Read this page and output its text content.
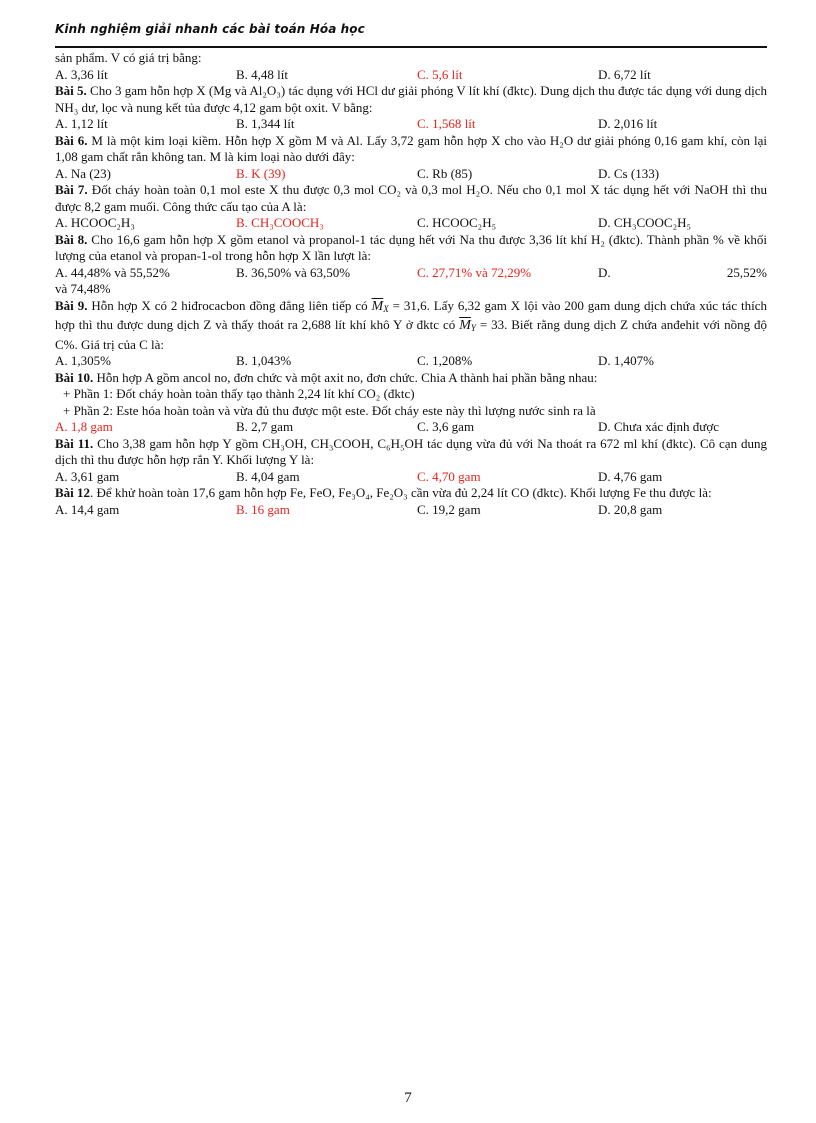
Kinh nghiệm giải nhanh các bài toán Hóa học

sản phẩm. V có giá trị bằng:

A. 3,36 lít	B. 4,48 lít	C. 5,6 lít	D. 6,72 lít

Bài 5. Cho 3 gam hỗn hợp X (Mg và Al₂O₃) tác dụng với HCl dư giải phóng V lít khí (đktc). Dung dịch thu được tác dụng với dung dịch NH₃ dư, lọc và nung kết tủa được 4,12 gam bột oxit. V bằng:

A. 1,12 lít	B. 1,344 lít	C. 1,568 lít	D. 2,016 lít

Bài 6. M là một kim loại kiềm. Hỗn hợp X gồm M và Al. Lấy 3,72 gam hỗn hợp X cho vào H₂O dư giải phóng 0,16 gam khí, còn lại 1,08 gam chất rắn không tan. M là kim loại nào dưới đây:

A. Na (23)	B. K (39)	C. Rb (85)	D. Cs (133)

Bài 7. Đốt cháy hoàn toàn 0,1 mol este X thu được 0,3 mol CO₂ và 0,3 mol H₂O. Nếu cho 0,1 mol X tác dụng hết với NaOH thì thu được 8,2 gam muối. Công thức cấu tạo của A là:

A. HCOOC₂H₃	B. CH₃COOCH₃	C. HCOOC₂H₅	D. CH₃COOC₂H₅

Bài 8. Cho 16,6 gam hỗn hợp X gồm etanol và propanol-1 tác dụng hết với Na thu được 3,36 lít khí H₂ (đktc). Thành phần % về khối lượng của etanol và propan-1-ol trong hỗn hợp X lần lượt là:

A. 44,48% và 55,52%	B. 36,50% và 63,50%	C. 27,71% và 72,29%	D.	25,52%

và 74,48%

Bài 9. Hỗn hợp X có 2 hiđrocacbon đồng đẳng liên tiếp có $\overline{M}_X = 31,6$. Lấy 6,32 gam X lội vào 200 gam dung dịch chứa xúc tác thích hợp thì thu được dung dịch Z và thấy thoát ra 2,688 lít khí khô Y ở đktc có $\overline{M}_Y = 33$. Biết rằng dung dịch Z chứa anđehit với nồng độ C%. Giá trị của C là:

A. 1,305%	B. 1,043%	C. 1,208%	D. 1,407%

Bài 10. Hỗn hợp A gồm ancol no, đơn chức và một axit no, đơn chức. Chia A thành hai phần bằng nhau:

+ Phần 1: Đốt cháy hoàn toàn thấy tạo thành 2,24 lít khí CO₂ (đktc)

+ Phần 2: Este hóa hoàn toàn và vừa đủ thu được một este. Đốt cháy este này thì lượng nước sinh ra là

A. 1,8 gam	B. 2,7 gam	C. 3,6 gam	D. Chưa xác định được

Bài 11. Cho 3,38 gam hỗn hợp Y gồm CH₃OH, CH₃COOH, C₆H₅OH tác dụng vừa đủ với Na thoát ra 672 ml khí (đktc). Cô cạn dung dịch thì thu được hỗn hợp rắn Y. Khối lượng Y là:

A. 3,61 gam	B. 4,04 gam	C. 4,70 gam	D. 4,76 gam

Bài 12. Để khử hoàn toàn 17,6 gam hỗn hợp Fe, FeO, Fe₃O₄, Fe₂O₃ cần vừa đủ 2,24 lít CO (đktc). Khối lượng Fe thu được là:

A. 14,4 gam	B. 16 gam	C. 19,2 gam	D. 20,8 gam
7
